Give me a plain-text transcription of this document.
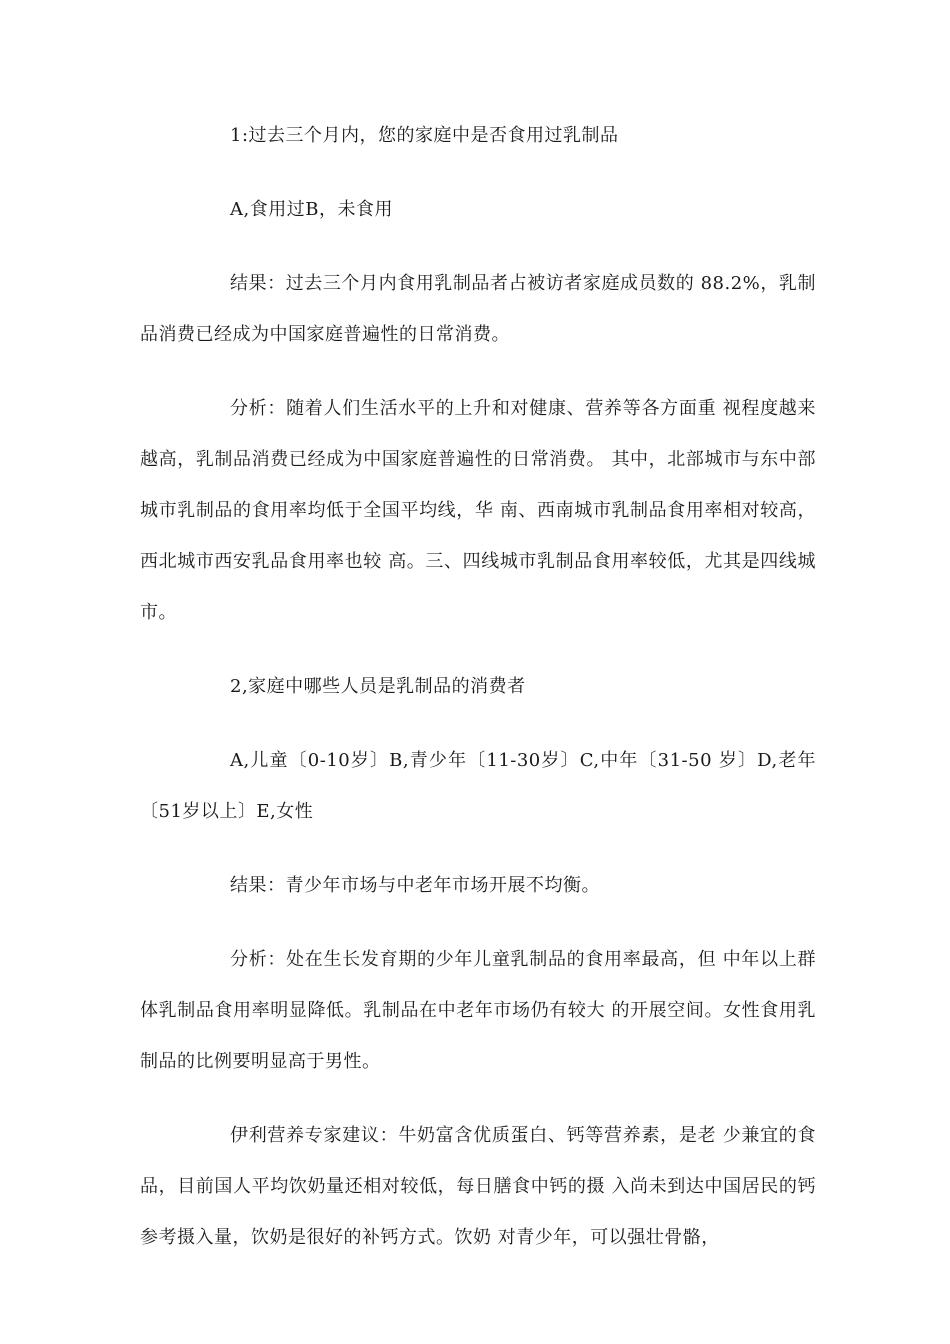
1:过去三个月内，您的家庭中是否食用过乳制品

A,食用过B，未食用

结果：过去三个月内食用乳制品者占被访者家庭成员数的 88.2%，乳制品消费已经成为中国家庭普遍性的日常消费。

分析：随着人们生活水平的上升和对健康、营养等各方面重 视程度越来越高，乳制品消费已经成为中国家庭普遍性的日常消费。 其中，北部城市与东中部城市乳制品的食用率均低于全国平均线，华 南、西南城市乳制品食用率相对较高，西北城市西安乳品食用率也较 高。三、四线城市乳制品食用率较低，尤其是四线城市。

2,家庭中哪些人员是乳制品的消费者

A,儿童〔0-10岁〕B,青少年〔11-30岁〕C,中年〔31-50 岁〕D,老年〔51岁以上〕E,女性

结果：青少年市场与中老年市场开展不均衡。

分析：处在生长发育期的少年儿童乳制品的食用率最高，但 中年以上群体乳制品食用率明显降低。乳制品在中老年市场仍有较大 的开展空间。女性食用乳制品的比例要明显高于男性。

伊利营养专家建议：牛奶富含优质蛋白、钙等营养素，是老 少兼宜的食品，目前国人平均饮奶量还相对较低，每日膳食中钙的摄 入尚未到达中国居民的钙参考摄入量，饮奶是很好的补钙方式。饮奶 对青少年，可以强壮骨骼，
